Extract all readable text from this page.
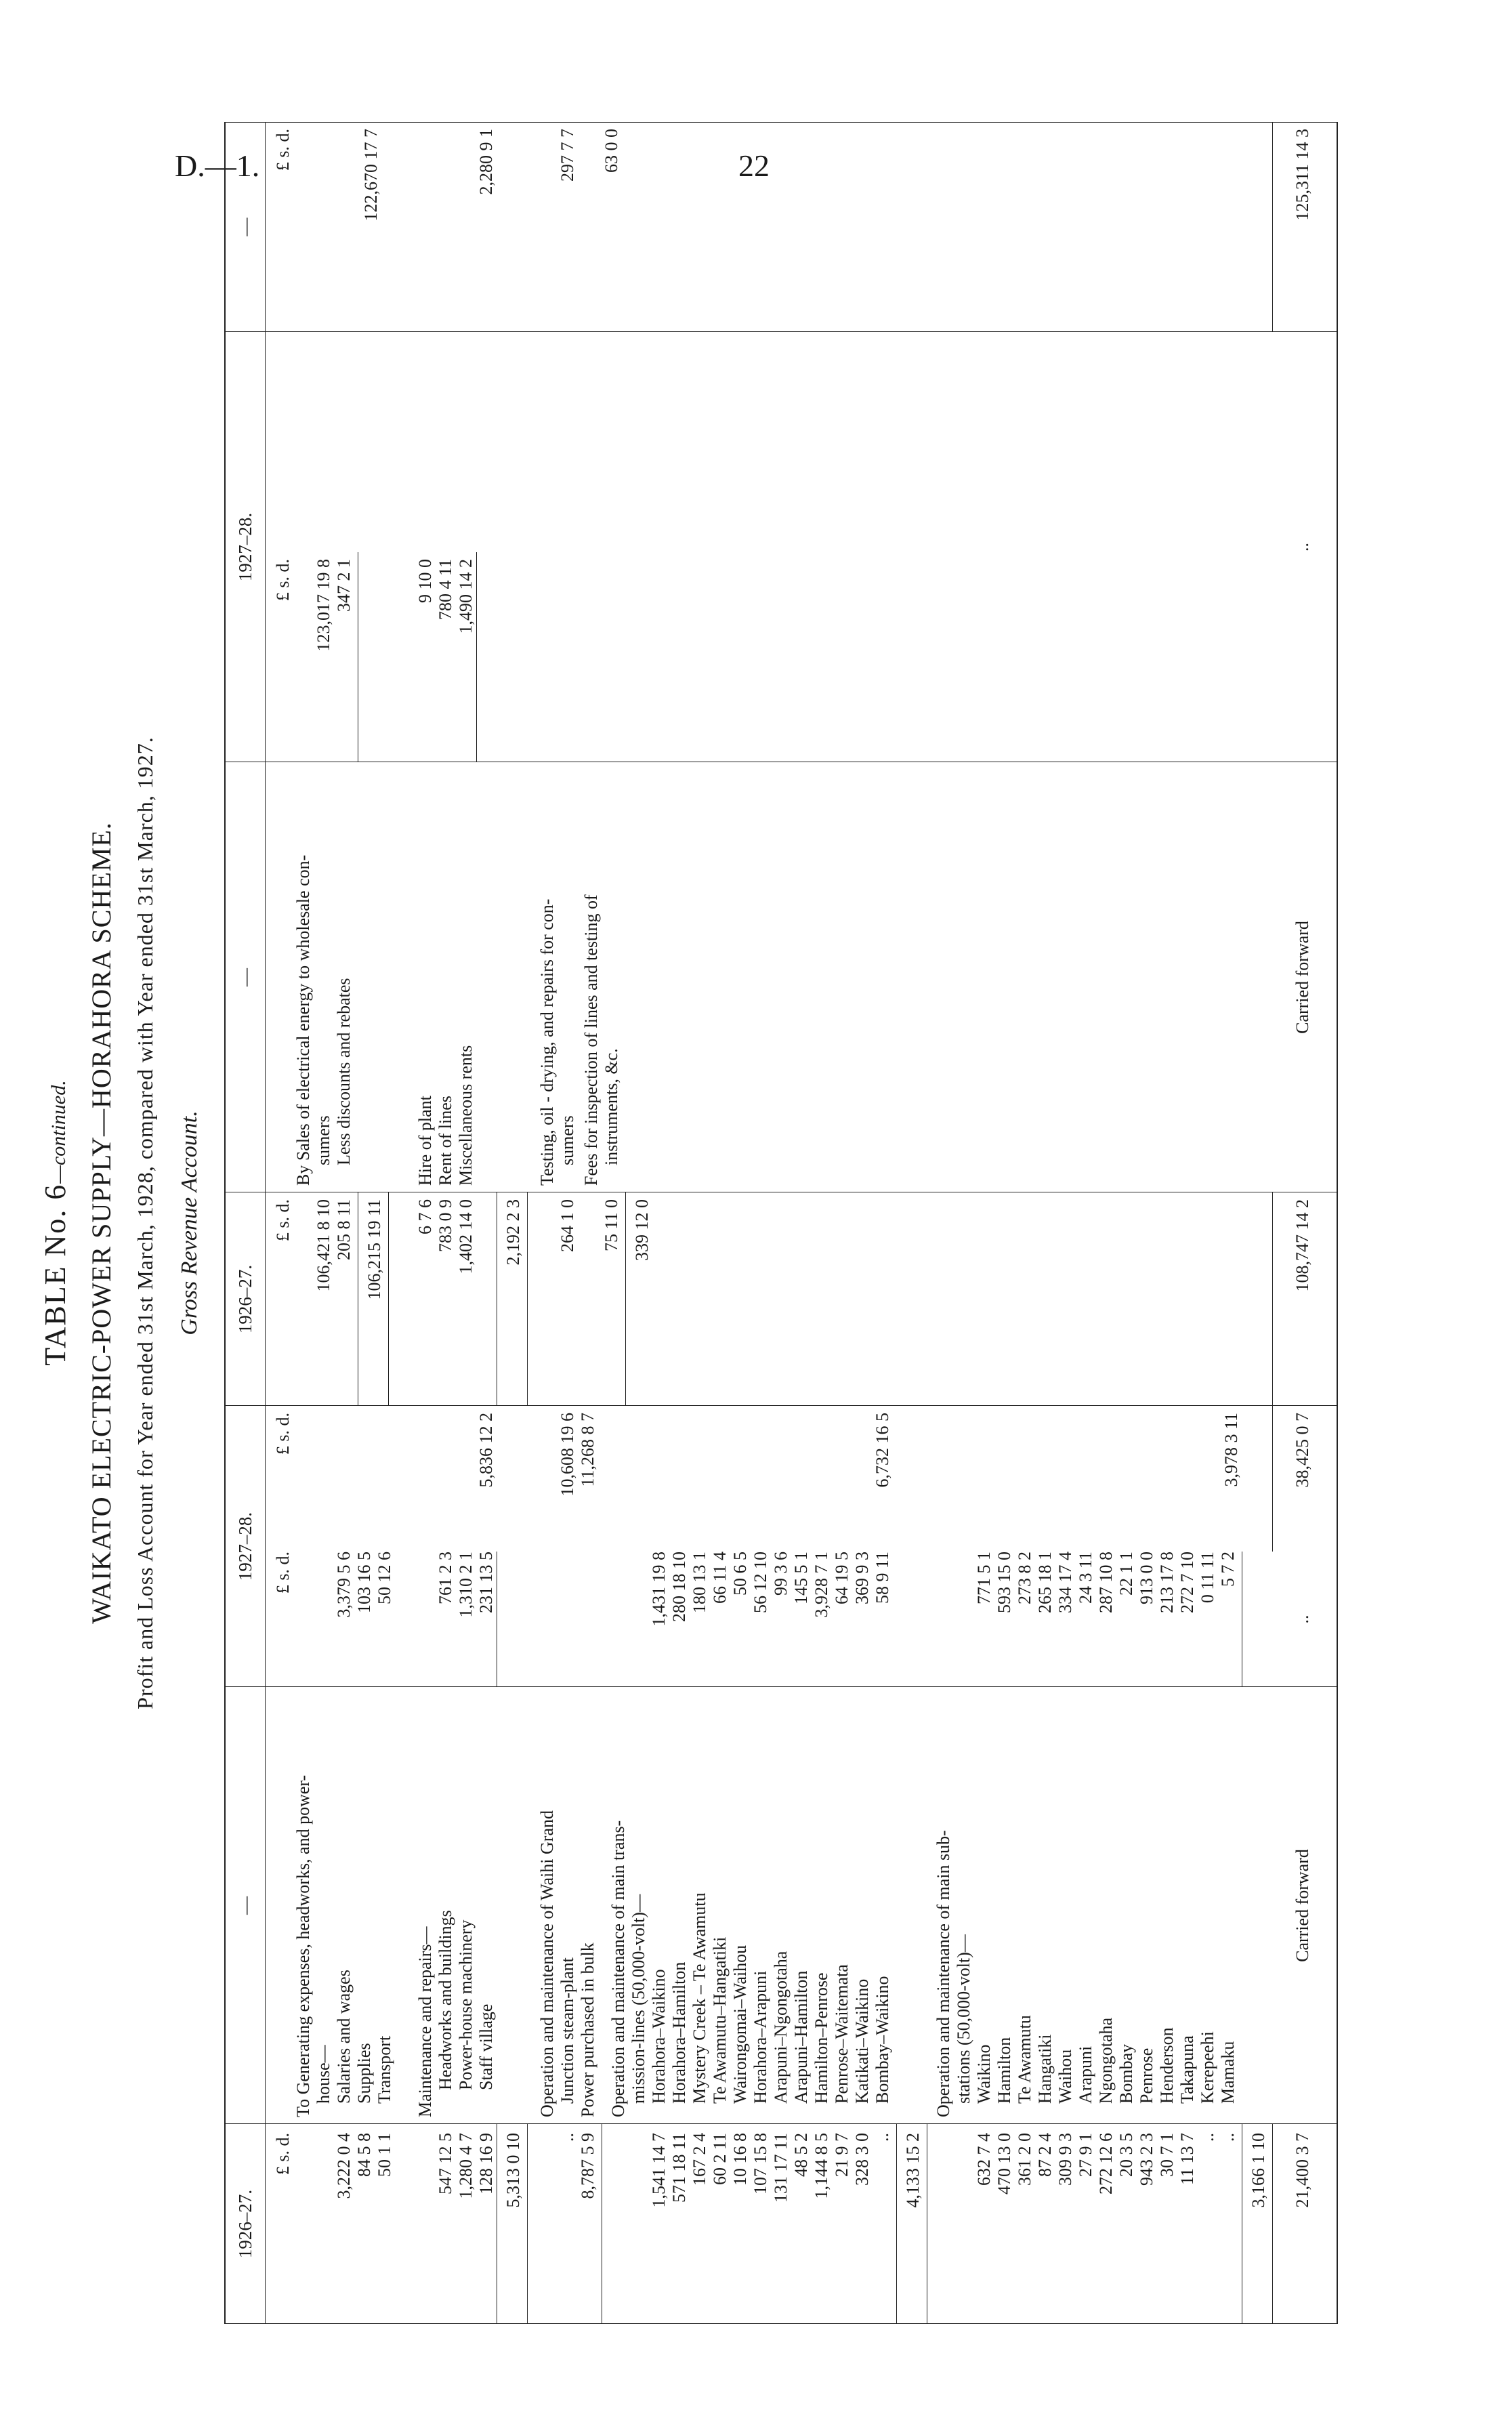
D.—1.	22
TABLE No. 6—continued. WAIKATO ELECTRIC-POWER SUPPLY—HORAHORA SCHEME. Profit and Loss Account for Year ended 31st March, 1928, compared with Year ended 31st March, 1927. Gross Revenue Account.
1926–27.
—
1927–28.
1926–27.
—
1927–28.
—
£ s. d.
£ s. d.
£ s. d.
£ s. d.
£ s. d.
£ s. d.
To Generating expenses, headworks, and power- house— Salaries and wages
3,379 5 6
3,222 0 4
Supplies
103 16 5
84 5 8
Transport
50 12 6
50 1 1
Headworks and buildings
761 2 3
547 12 5
Power-house machinery
1,310 2 1
1,280 4 7
Staff village
231 13 5
128 16 9
Maintenance and repairs—
5,836 12 2
5,313 0 10
Operation and maintenance of Waihi Grand Junction steam-plant
10,608 19 6
..
Power purchased in bulk
11,268 8 7
8,787 5 9
Operation and maintenance of main trans- mission-lines (50,000-volt)— Horahora–Waikino
1,431 19 8
1,541 14 7
Horahora–Hamilton
280 18 10
571 18 11
Mystery Creek – Te Awamutu
180 13 1
167 2 4
Te Awamutu–Hangatiki
66 11 4
60 2 11
Wairongomai–Waihou
50 6 5
10 16 8
Horahora–Arapuni
56 12 10
107 15 8
Arapuni–Ngongotaha
99 3 6
131 17 11
Arapuni–Hamilton
145 5 1
48 5 2
Hamilton–Penrose
3,928 7 1
1,144 8 5
Penrose–Waitemata
64 19 5
21 9 7
Katikati–Waikino
369 9 3
328 3 0
Bombay–Waikino
58 9 11
..
6,732 16 5
4,133 15 2
Operation and maintenance of main sub- stations (50,000-volt)— Waikino
771 5 1
632 7 4
Hamilton
593 15 0
470 13 0
Te Awamutu
273 8 2
361 2 0
Hangatiki
265 18 1
87 2 4
Waihou
334 17 4
309 9 3
Arapuni
24 3 11
27 9 1
Ngongotaha
287 10 8
272 12 6
Bombay
22 1 1
20 3 5
Penrose
913 0 0
943 2 3
Henderson
213 17 8
30 7 1
Takapuna
272 7 10
11 13 7
Kerepeehi
0 11 11
..
Mamaku
5 7 2
..
3,978 3 11
3,166 1 10
Carried forward
..
38,425 0 7
21,400 3 7
By Sales of electrical energy to wholesale con- sumers
123,017 19 8
106,421 8 10
Less discounts and rebates
347 2 1
205 8 11
122,670 17 7
106,215 19 11
Hire of plant
9 10 0
6 7 6
Rent of lines
780 4 11
783 0 9
Miscellaneous rents
1,490 14 2
1,402 14 0
2,280 9 1
2,192 2 3
Testing, oil - drying, and repairs for con- sumers
297 7 7
264 1 0
Fees for inspection of lines and testing of instruments, &c.
63 0 0
75 11 0 339 12 0
Carried forward
..
125,311 14 3
108,747 14 2
